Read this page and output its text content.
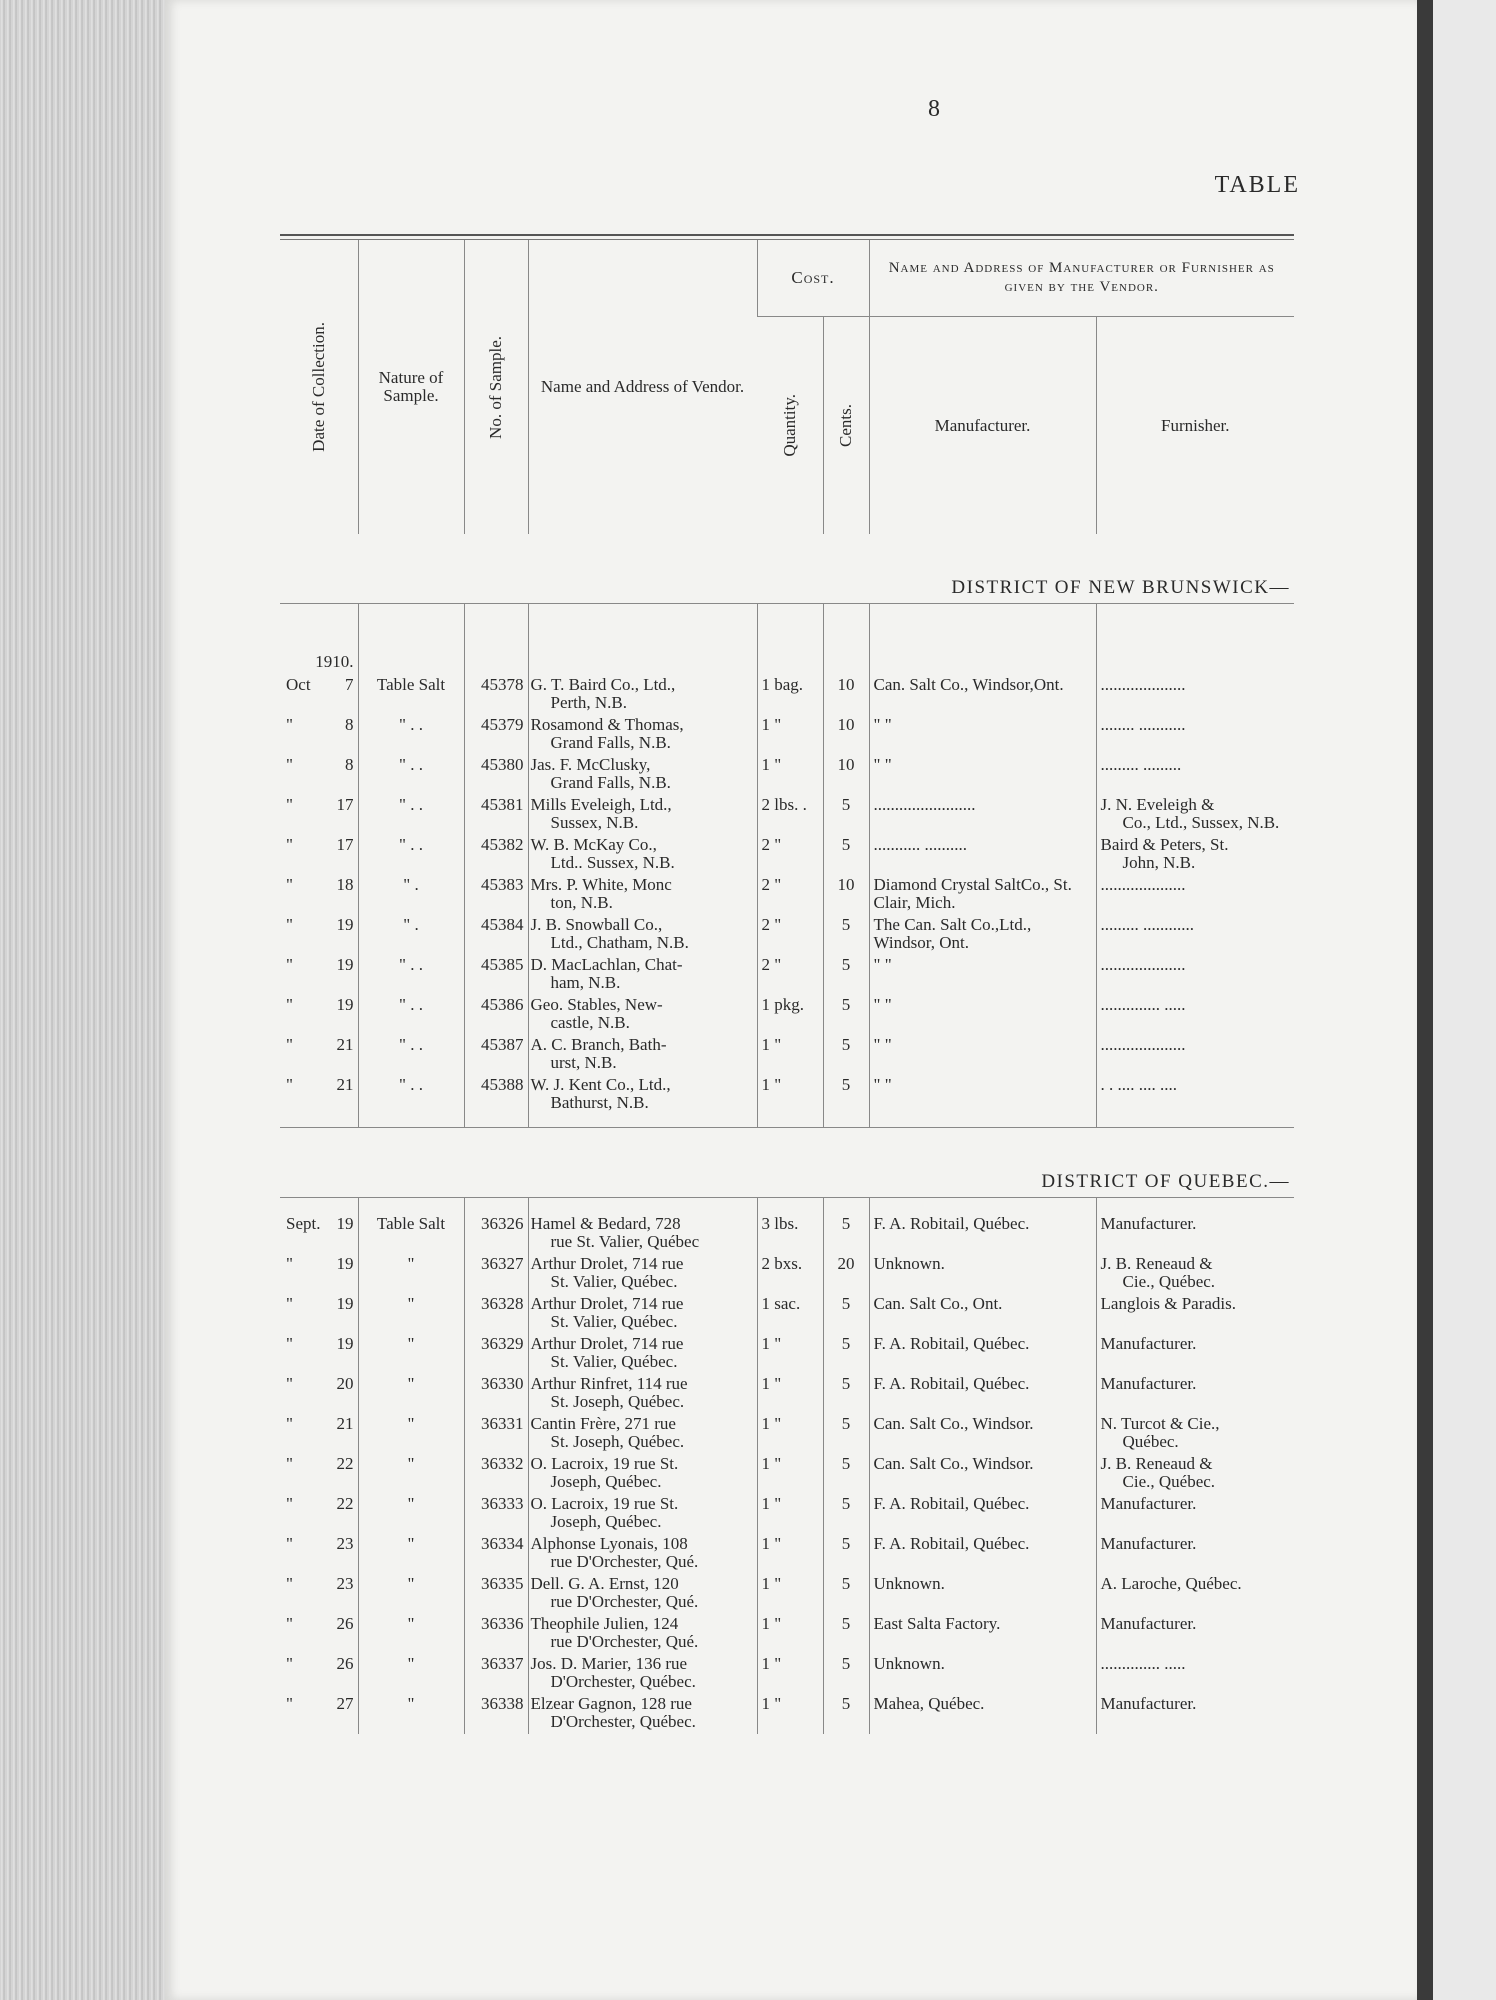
8
TABLE
Date of Collection.	Nature of Sample.	No. of Sample.	Name and Address of Vendor.	Cost.		Name and Address of Manufacturer or Furnisher as given by the Vendor.	

				Quantity.	Cents.	Manufacturer.	Furnisher.
DISTRICT OF NEW BRUNSWICK—							

1910.							

Oct 7	Table Salt	45378	G. T. Baird Co., Ltd.,
Perth, N.B.	1 bag.	10	Can. Salt Co., Windsor,Ont.	....................

" 8	" . .	45379	Rosamond & Thomas,
Grand Falls, N.B.	1 "	10	" "	........ ...........

" 8	" . .	45380	Jas. F. McClusky,
Grand Falls, N.B.	1 "	10	" "	......... .........

" 17	" . .	45381	Mills Eveleigh, Ltd.,
Sussex, N.B.	2 lbs. .	5	........................	J. N. Eveleigh &
Co., Ltd., Sussex, N.B.

" 17	" . .	45382	W. B. McKay Co.,
Ltd.. Sussex, N.B.	2 "	5	........... ..........	Baird & Peters, St.
John, N.B.

" 18	" .	45383	Mrs. P. White, Monc
ton, N.B.	2 "	10	Diamond Crystal SaltCo., St. Clair, Mich.	....................

" 19	" .	45384	J. B. Snowball Co.,
Ltd., Chatham, N.B.	2 "	5	The Can. Salt Co.,Ltd., Windsor, Ont.	......... ............

" 19	" . .	45385	D. MacLachlan, Chat-
ham, N.B.	2 "	5	" "	....................

" 19	" . .	45386	Geo. Stables, New-
castle, N.B.	1 pkg.	5	" "	.............. .....

" 21	" . .	45387	A. C. Branch, Bath-
urst, N.B.	1 "	5	" "	....................

" 21	" . .	45388	W. J. Kent Co., Ltd.,
Bathurst, N.B.	1 "	5	" "	. . .... .... ....

DISTRICT OF QUEBEC.—							

Sept. 19	Table Salt	36326	Hamel & Bedard, 728
rue St. Valier, Québec	3 lbs.	5	F. A. Robitail, Québec.	Manufacturer.

" 19	"	36327	Arthur Drolet, 714 rue
St. Valier, Québec.	2 bxs.	20	Unknown.	J. B. Reneaud &
Cie., Québec.

" 19	"	36328	Arthur Drolet, 714 rue
St. Valier, Québec.	1 sac.	5	Can. Salt Co., Ont.	Langlois & Paradis.

" 19	"	36329	Arthur Drolet, 714 rue
St. Valier, Québec.	1 "	5	F. A. Robitail, Québec.	Manufacturer.

" 20	"	36330	Arthur Rinfret, 114 rue
St. Joseph, Québec.	1 "	5	F. A. Robitail, Québec.	Manufacturer.

" 21	"	36331	Cantin Frère, 271 rue
St. Joseph, Québec.	1 "	5	Can. Salt Co., Windsor.	N. Turcot & Cie.,
Québec.

" 22	"	36332	O. Lacroix, 19 rue St.
Joseph, Québec.	1 "	5	Can. Salt Co., Windsor.	J. B. Reneaud &
Cie., Québec.

" 22	"	36333	O. Lacroix, 19 rue St.
Joseph, Québec.	1 "	5	F. A. Robitail, Québec.	Manufacturer.

" 23	"	36334	Alphonse Lyonais, 108
rue D'Orchester, Qué.	1 "	5	F. A. Robitail, Québec.	Manufacturer.

" 23	"	36335	Dell. G. A. Ernst, 120
rue D'Orchester, Qué.	1 "	5	Unknown.	A. Laroche, Québec.

" 26	"	36336	Theophile Julien, 124
rue D'Orchester, Qué.	1 "	5	East Salta Factory.	Manufacturer.

" 26	"	36337	Jos. D. Marier, 136 rue
D'Orchester, Québec.	1 "	5	Unknown.	.............. .....

" 27	"	36338	Elzear Gagnon, 128 rue
D'Orchester, Québec.	1 "	5	Mahea, Québec.	Manufacturer.
